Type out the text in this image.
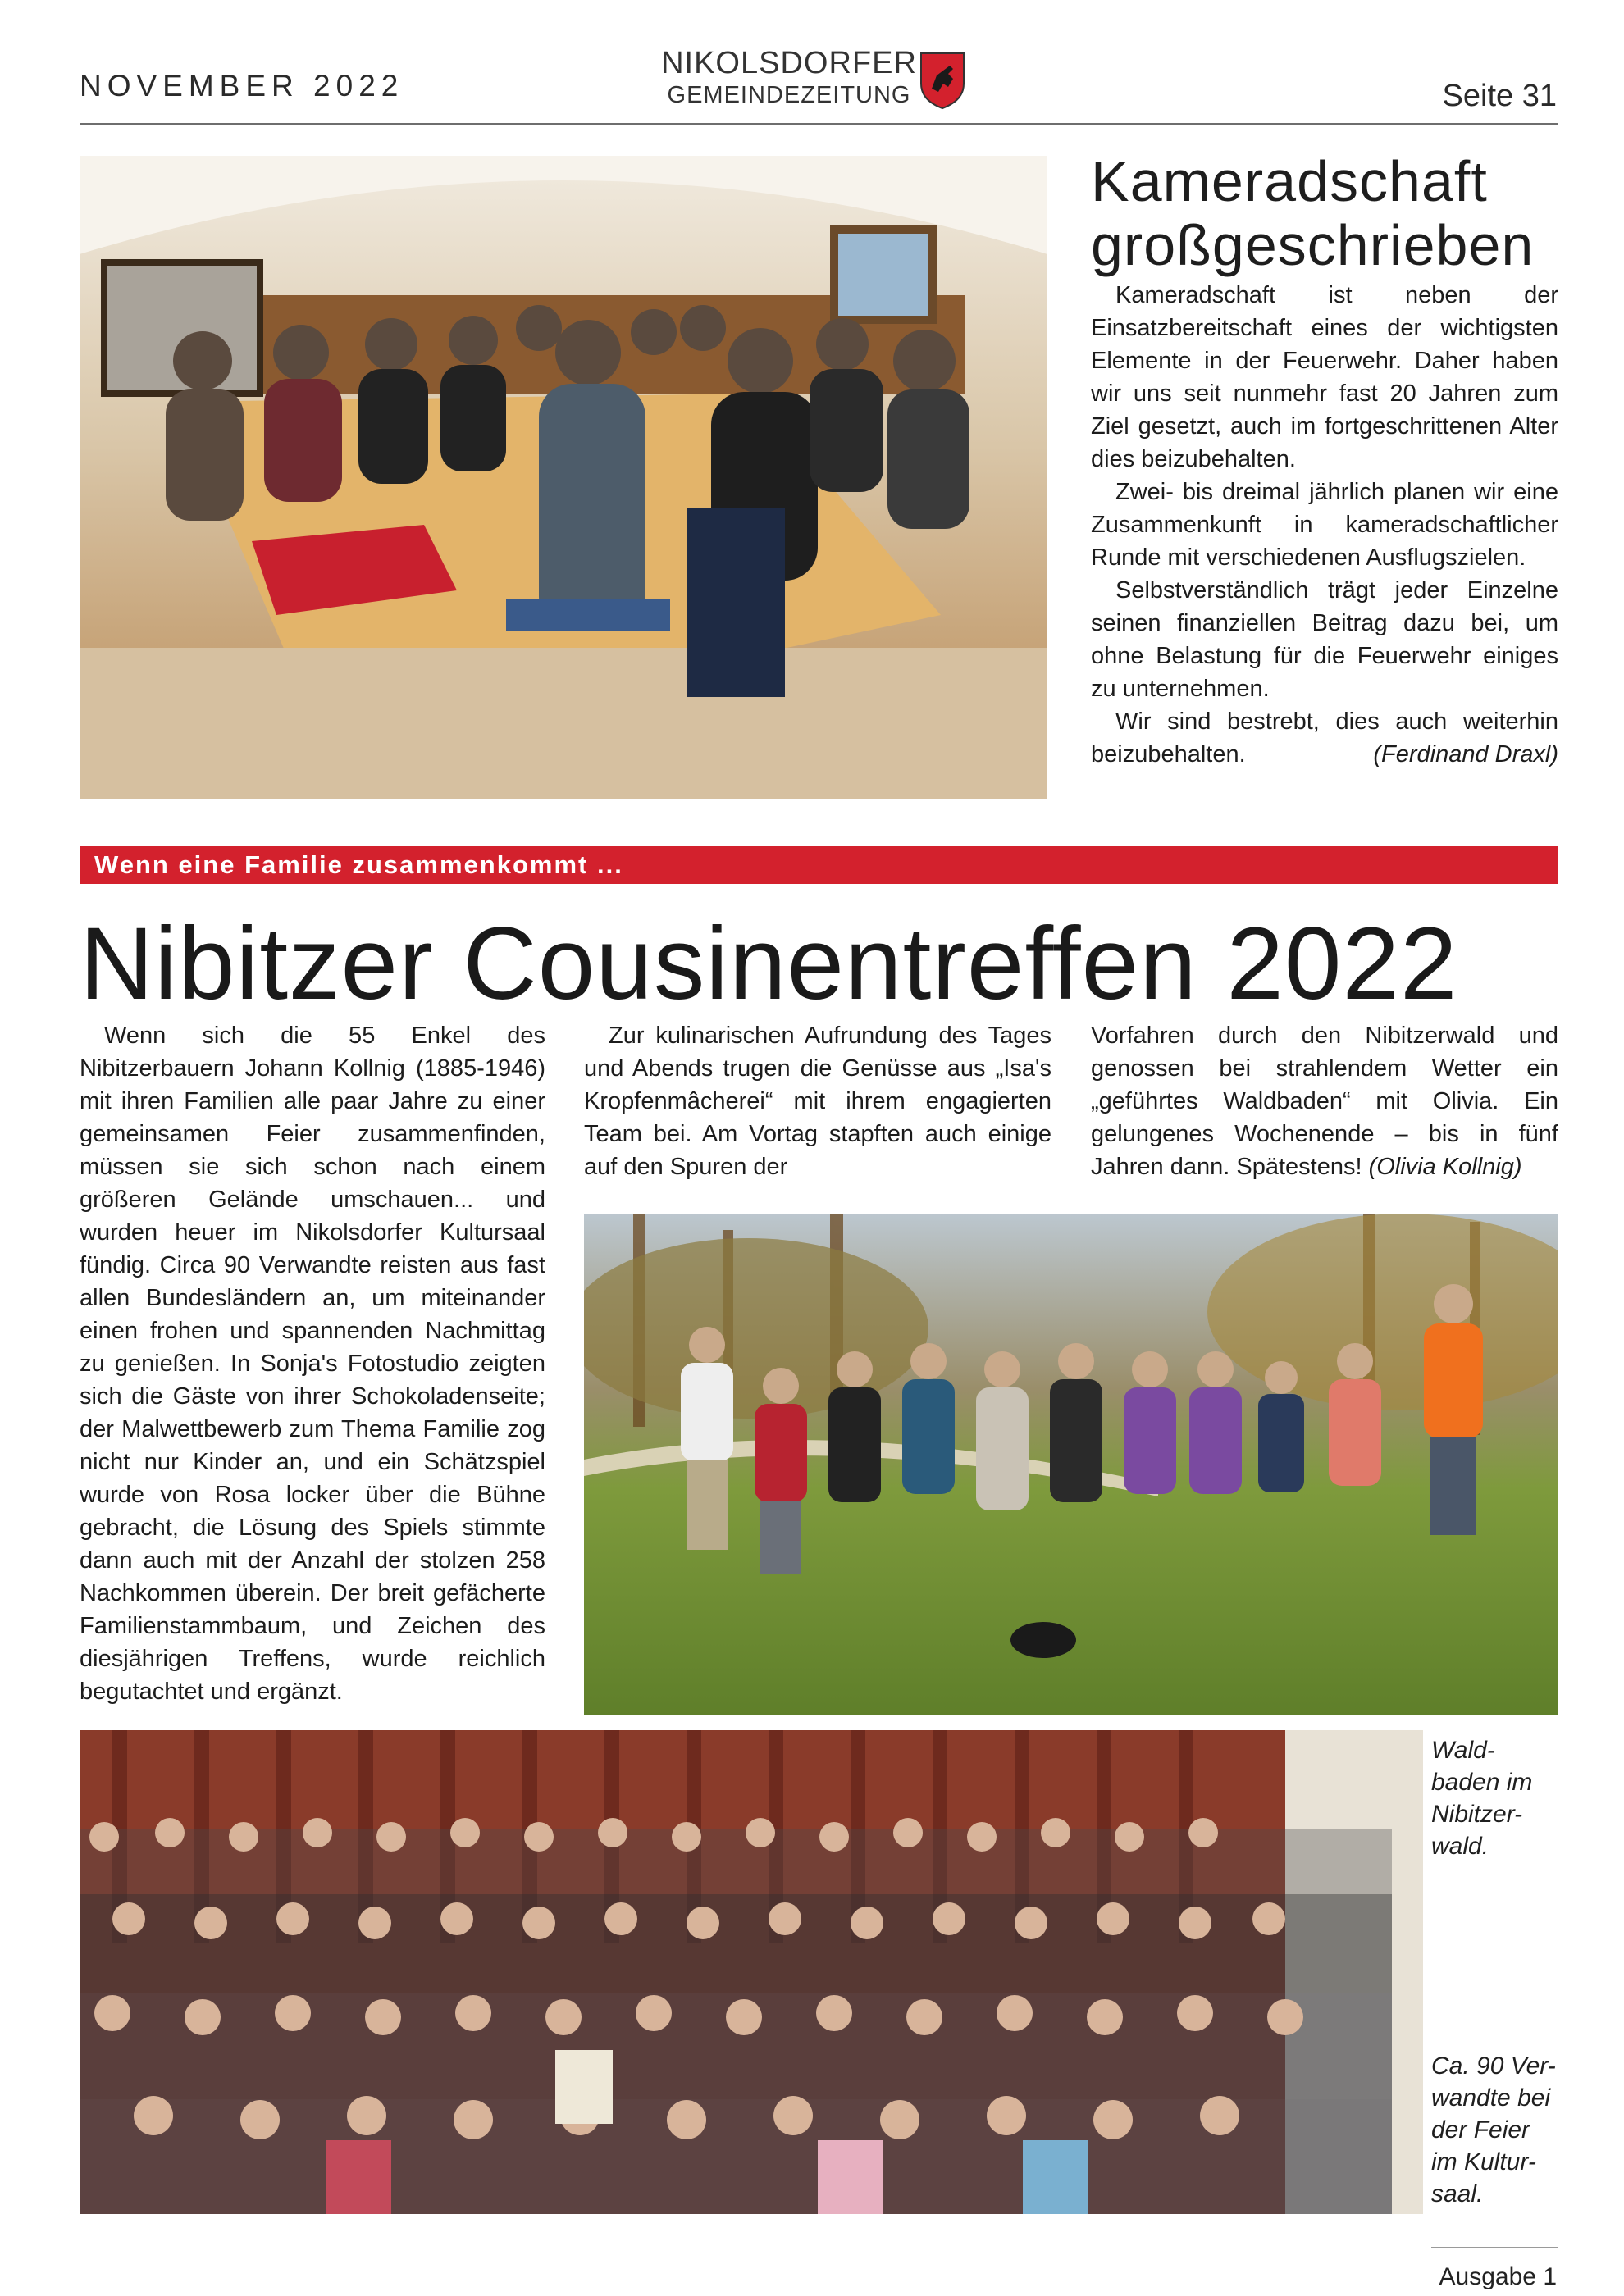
NOVEMBER 2022
NIKOLSDORFER
GEMEINDEZEITUNG	Seite 31
Kameradschaft
großgeschrieben

Kameradschaft ist neben der Einsatzbereitschaft eines der wichtigsten Elemente in der Feuerwehr. Daher haben wir uns seit nunmehr fast 20 Jahren zum Ziel gesetzt, auch im fortgeschrittenen Alter dies beizubehalten.

Zwei- bis dreimal jährlich planen wir eine Zusammenkunft in kameradschaftlicher Runde mit verschiedenen Ausflugszielen.

Selbstverständlich trägt jeder Einzelne seinen finanziellen Beitrag dazu bei, um ohne Belastung für die Feuerwehr einiges zu unternehmen.

Wir sind bestrebt, dies auch weiterhin beizubehalten.	(Ferdinand Draxl)

Wenn eine Familie zusammenkommt ...
Nibitzer Cousinentreffen 2022

Wenn sich die 55 Enkel des Nibitzerbauern Johann Kollnig (1885-1946) mit ihren Familien alle paar Jahre zu einer gemeinsamen Feier zusammenfinden, müssen sie sich schon nach einem größeren Gelände umschauen... und wurden heuer im Nikolsdorfer Kultursaal fündig. Circa 90 Verwandte reisten aus fast allen Bundesländern an, um miteinander einen frohen und spannenden Nachmittag zu genießen. In Sonja's Fotostudio zeigten sich die Gäste von ihrer Schokoladenseite; der Malwettbewerb zum Thema Familie zog nicht nur Kinder an, und ein Schätzspiel wurde von Rosa locker über die Bühne gebracht, die Lösung des Spiels stimmte dann auch mit der Anzahl der stolzen 258 Nachkommen überein. Der breit gefächerte Familienstammbaum, und Zeichen des diesjährigen Treffens, wurde reichlich begutachtet und ergänzt.

Zur kulinarischen Aufrundung des Tages und Abends trugen die Genüsse aus „Isa's Kropfenmâcherei“ mit ihrem engagierten Team bei. Am Vortag stapften auch einige auf den Spuren der

Vorfahren durch den Nibitzerwald und genossen bei strahlendem Wetter ein „geführtes Waldbaden“ mit Olivia. Ein gelungenes Wochenende – bis in fünf Jahren dann. Spätestens! (Olivia Kollnig)

Wald-
baden im
Nibitzer-
wald.
Ca. 90 Ver-
wandte bei
der Feier
im Kultur-
saal.
Ausgabe 1
